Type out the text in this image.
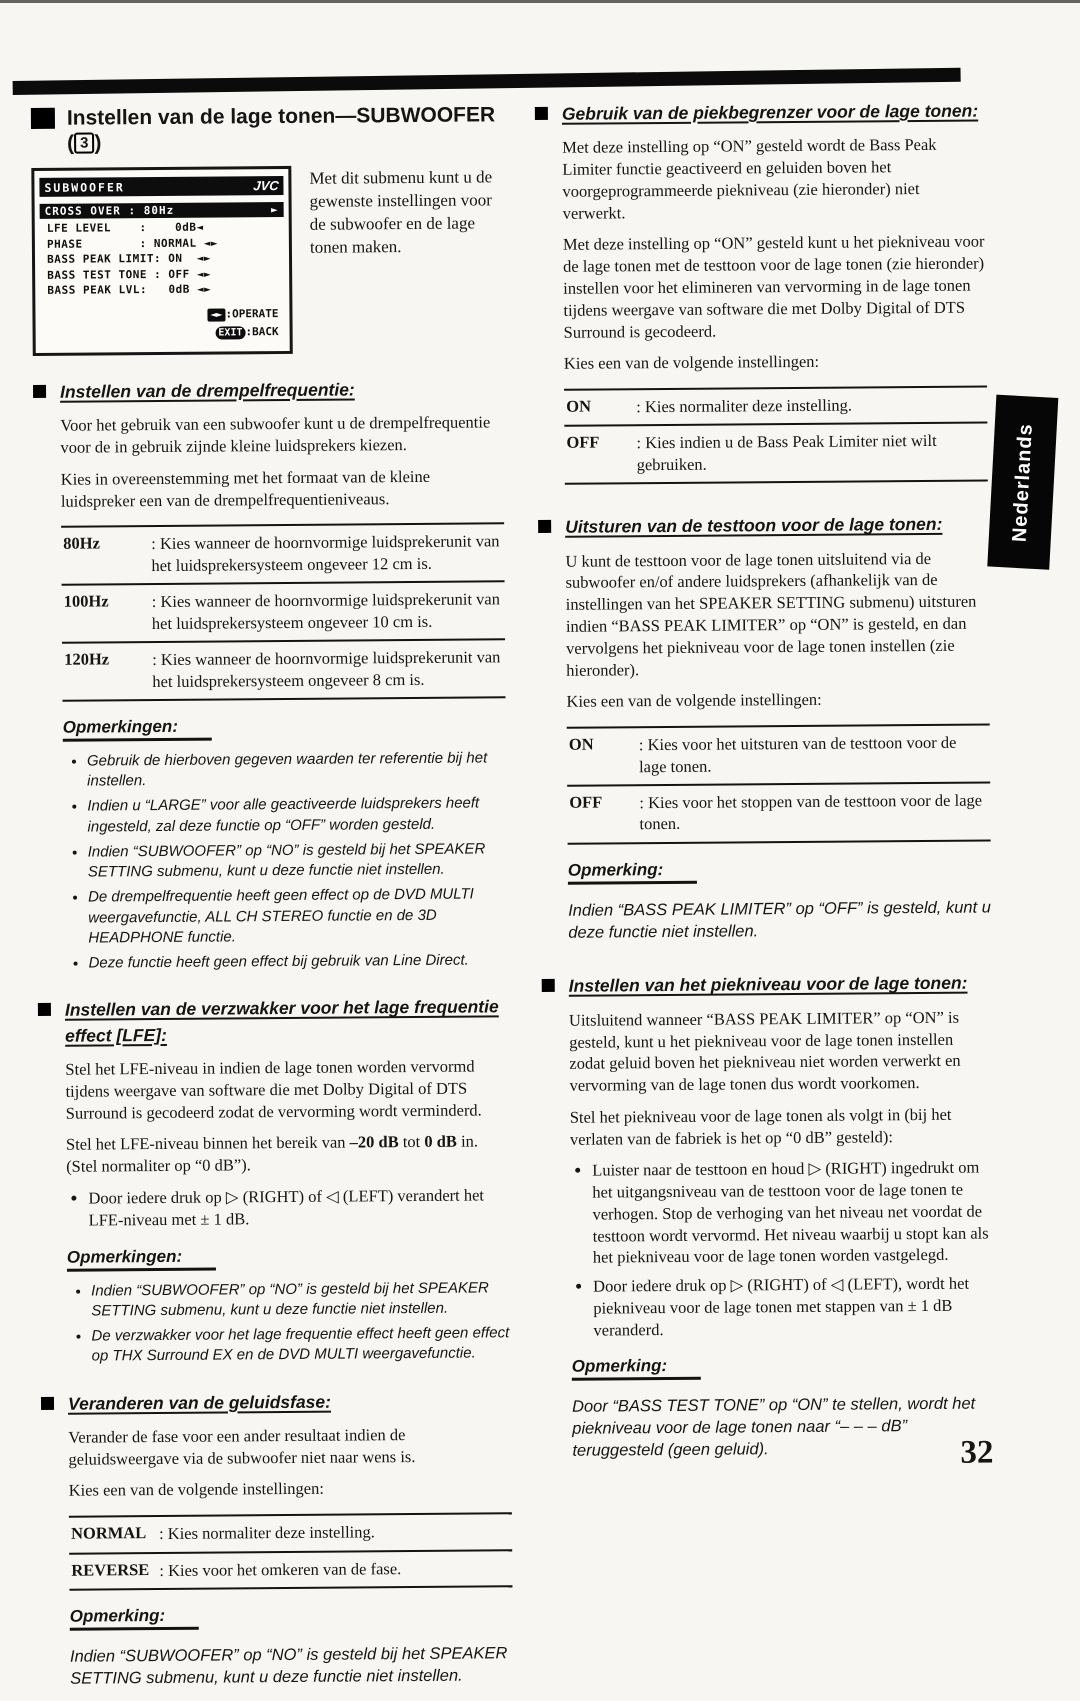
Instellen van de lage tonen—SUBWOOFER ( 3 )
SUBWOOFER	JVC
CROSS OVER : 80Hz	►
LFE LEVEL    :    0dB◄
PHASE        : NORMAL ◄►
BASS PEAK LIMIT: ON  ◄►
BASS TEST TONE : OFF ◄►
BASS PEAK LVL:   0dB ◄►
◄► :OPERATE
EXIT :BACK
Met dit submenu kunt u de gewenste instellingen voor de subwoofer en de lage tonen maken.
Instellen van de drempelfrequentie:

Voor het gebruik van een subwoofer kunt u de drempelfrequentie voor de in gebruik zijnde kleine luidsprekers kiezen.

Kies in overeenstemming met het formaat van de kleine luidspreker een van de drempelfrequentieniveaus.

80Hz	: Kies wanneer de hoornvormige luidsprekerunit van het luidsprekersysteem ongeveer 12 cm is.
100Hz	: Kies wanneer de hoornvormige luidsprekerunit van het luidsprekersysteem ongeveer 10 cm is.
120Hz	: Kies wanneer de hoornvormige luidsprekerunit van het luidsprekersysteem ongeveer 8 cm is.
Opmerkingen:
• Gebruik de hierboven gegeven waarden ter referentie bij het instellen.
• Indien u “LARGE” voor alle geactiveerde luidsprekers heeft ingesteld, zal deze functie op “OFF” worden gesteld.
• Indien “SUBWOOFER” op “NO” is gesteld bij het SPEAKER SETTING submenu, kunt u deze functie niet instellen.
• De drempelfrequentie heeft geen effect op de DVD MULTI weergavefunctie, ALL CH STEREO functie en de 3D HEADPHONE functie.
• Deze functie heeft geen effect bij gebruik van Line Direct.
Instellen van de verzwakker voor het lage frequentie effect [LFE]:

Stel het LFE-niveau in indien de lage tonen worden vervormd tijdens weergave van software die met Dolby Digital of DTS Surround is gecodeerd zodat de vervorming wordt verminderd.

Stel het LFE-niveau binnen het bereik van –20 dB tot 0 dB in. (Stel normaliter op “0 dB”).

• Door iedere druk op ▷ (RIGHT) of ◁ (LEFT) verandert het LFE-niveau met ± 1 dB.
Opmerkingen:
• Indien “SUBWOOFER” op “NO” is gesteld bij het SPEAKER SETTING submenu, kunt u deze functie niet instellen.
• De verzwakker voor het lage frequentie effect heeft geen effect op THX Surround EX en de DVD MULTI weergavefunctie.
Veranderen van de geluidsfase:

Verander de fase voor een ander resultaat indien de geluidsweergave via de subwoofer niet naar wens is.

Kies een van de volgende instellingen:

NORMAL : Kies normaliter deze instelling.
REVERSE : Kies voor het omkeren van de fase.
Opmerking:

Indien “SUBWOOFER” op “NO” is gesteld bij het SPEAKER SETTING submenu, kunt u deze functie niet instellen.

Gebruik van de piekbegrenzer voor de lage tonen:

Met deze instelling op “ON” gesteld wordt de Bass Peak Limiter functie geactiveerd en geluiden boven het voorgeprogrammeerde piekniveau (zie hieronder) niet verwerkt.

Met deze instelling op “ON” gesteld kunt u het piekniveau voor de lage tonen met de testtoon voor de lage tonen (zie hieronder) instellen voor het elimineren van vervorming in de lage tonen tijdens weergave van software die met Dolby Digital of DTS Surround is gecodeerd.

Kies een van de volgende instellingen:

ON	: Kies normaliter deze instelling.
OFF	: Kies indien u de Bass Peak Limiter niet wilt gebruiken.
Uitsturen van de testtoon voor de lage tonen:

U kunt de testtoon voor de lage tonen uitsluitend via de subwoofer en/of andere luidsprekers (afhankelijk van de instellingen van het SPEAKER SETTING submenu) uitsturen indien “BASS PEAK LIMITER” op “ON” is gesteld, en dan vervolgens het piekniveau voor de lage tonen instellen (zie hieronder).

Kies een van de volgende instellingen:

ON	: Kies voor het uitsturen van de testtoon voor de lage tonen.
OFF	: Kies voor het stoppen van de testtoon voor de lage tonen.
Opmerking:

Indien “BASS PEAK LIMITER” op “OFF” is gesteld, kunt u deze functie niet instellen.

Instellen van het piekniveau voor de lage tonen:

Uitsluitend wanneer “BASS PEAK LIMITER” op “ON” is gesteld, kunt u het piekniveau voor de lage tonen instellen zodat geluid boven het piekniveau niet worden verwerkt en vervorming van de lage tonen dus wordt voorkomen.

Stel het piekniveau voor de lage tonen als volgt in (bij het verlaten van de fabriek is het op “0 dB” gesteld):

• Luister naar de testtoon en houd ▷ (RIGHT) ingedrukt om het uitgangsniveau van de testtoon voor de lage tonen te verhogen. Stop de verhoging van het niveau net voordat de testtoon wordt vervormd. Het niveau waarbij u stopt kan als het piekniveau voor de lage tonen worden vastgelegd.
• Door iedere druk op ▷ (RIGHT) of ◁ (LEFT), wordt het piekniveau voor de lage tonen met stappen van ± 1 dB veranderd.
Opmerking:

Door “BASS TEST TONE” op “ON” te stellen, wordt het piekniveau voor de lage tonen naar “– – – dB” teruggesteld (geen geluid).

Nederlands
32
